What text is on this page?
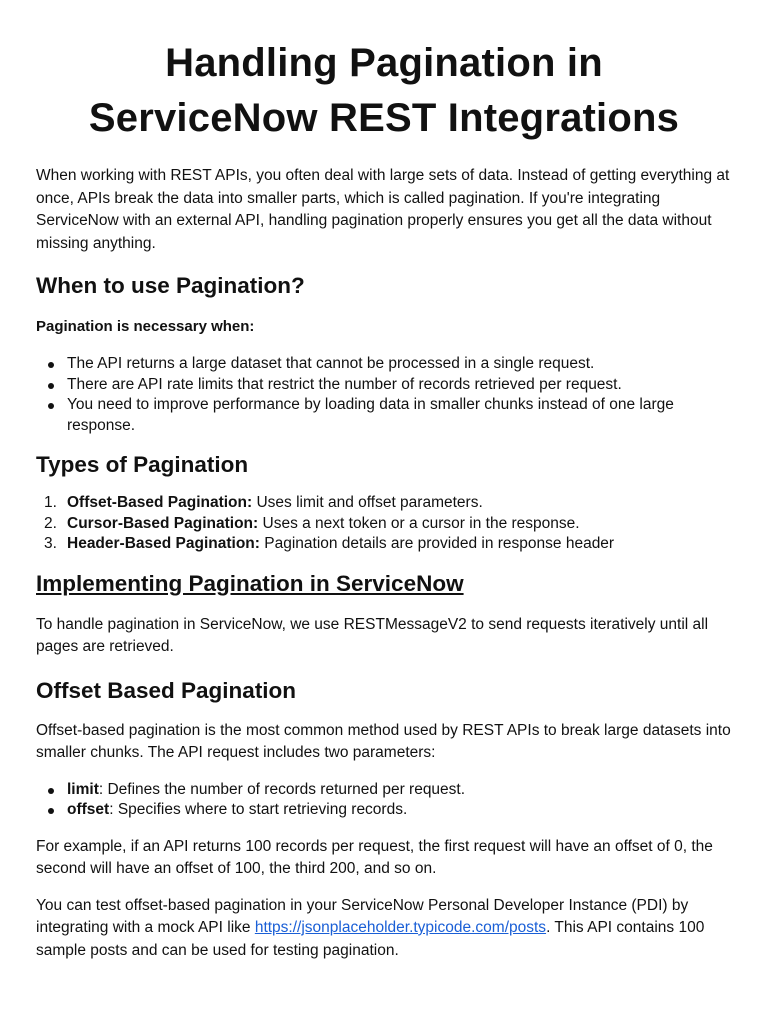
Handling Pagination in
ServiceNow REST Integrations

When working with REST APIs, you often deal with large sets of data. Instead of getting everything at once, APIs break the data into smaller parts, which is called pagination. If you're integrating ServiceNow with an external API, handling pagination properly ensures you get all the data without missing anything.

When to use Pagination?

Pagination is necessary when:

The API returns a large dataset that cannot be processed in a single request.
There are API rate limits that restrict the number of records retrieved per request.
You need to improve performance by loading data in smaller chunks instead of one large response.
Types of Pagination
1. Offset-Based Pagination: Uses limit and offset parameters.
2. Cursor-Based Pagination: Uses a next token or a cursor in the response.
3. Header-Based Pagination: Pagination details are provided in response header
Implementing Pagination in ServiceNow

To handle pagination in ServiceNow, we use RESTMessageV2 to send requests iteratively until all pages are retrieved.

Offset Based Pagination

Offset-based pagination is the most common method used by REST APIs to break large datasets into smaller chunks. The API request includes two parameters:

limit: Defines the number of records returned per request.
offset: Specifies where to start retrieving records.

For example, if an API returns 100 records per request, the first request will have an offset of 0, the second will have an offset of 100, the third 200, and so on.

You can test offset-based pagination in your ServiceNow Personal Developer Instance (PDI) by integrating with a mock API like https://jsonplaceholder.typicode.com/posts. This API contains 100 sample posts and can be used for testing pagination.
